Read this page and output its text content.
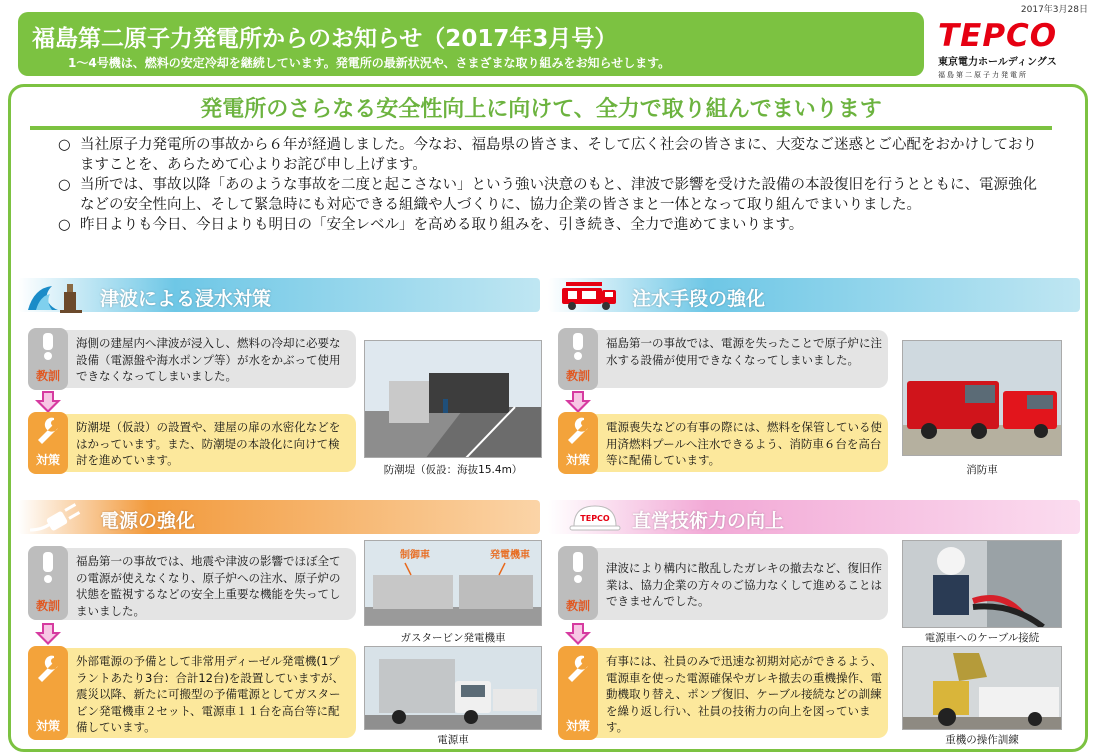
福島第二原子力発電所からのお知らせ（2017年3月号）
1～4号機は、燃料の安定冷却を継続しています。発電所の最新状況や、さまざまな取り組みをお知らせします。
2017年3月28日
TEPCO
東京電力ホールディングス
福島第二原子力発電所
発電所のさらなる安全性向上に向けて、全力で取り組んでまいります
○ 当社原子力発電所の事故から６年が経過しました。今なお、福島県の皆さま、そして広く社会の皆さまに、大変なご迷惑とご心配をおかけしておりますことを、あらためて心よりお詫び申し上げます。
○ 当所では、事故以降「あのような事故を二度と起こさない」という強い決意のもと、津波で影響を受けた設備の本設復旧を行うとともに、電源強化などの安全性向上、そして緊急時にも対応できる組織や人づくりに、協力企業の皆さまと一体となって取り組んでまいりました。
○ 昨日よりも今日、今日よりも明日の「安全レベル」を高める取り組みを、引き続き、全力で進めてまいります。
津波による浸水対策
海側の建屋内へ津波が浸入し、燃料の冷却に必要な設備（電源盤や海水ポンプ等）が水をかぶって使用できなくなってしまいました。
教訓
防潮堤（仮設）の設置や、建屋の扉の水密化などをはかっています。また、防潮堤の本設化に向けて検討を進めています。
対策
防潮堤（仮設：海抜15.4m）
注水手段の強化
福島第一の事故では、電源を失ったことで原子炉に注水する設備が使用できなくなってしまいました。
教訓
電源喪失などの有事の際には、燃料を保管している使用済燃料プールへ注水できるよう、消防車６台を高台等に配備しています。
対策
消防車
電源の強化
福島第一の事故では、地震や津波の影響でほぼ全ての電源が使えなくなり、原子炉への注水、原子炉の状態を監視するなどの安全上重要な機能を失ってしまいました。
教訓
外部電源の予備として非常用ディーゼル発電機(1プラントあたり3台：合計12台)を設置していますが、震災以降、新たに可搬型の予備電源としてガスタービン発電機車２セット、電源車１１台を高台等に配備しています。
対策
制御車	発電機車
ガスタービン発電機車
電源車
TEPCO 直営技術力の向上
津波により構内に散乱したガレキの撤去など、復旧作業は、協力企業の方々のご協力なくして進めることはできませんでした。
教訓
有事には、社員のみで迅速な初期対応ができるよう、電源車を使った電源確保やガレキ撤去の重機操作、電動機取り替え、ポンプ復旧、ケーブル接続などの訓練を繰り返し行い、社員の技術力の向上を図っています。
対策
電源車へのケーブル接続
重機の操作訓練
